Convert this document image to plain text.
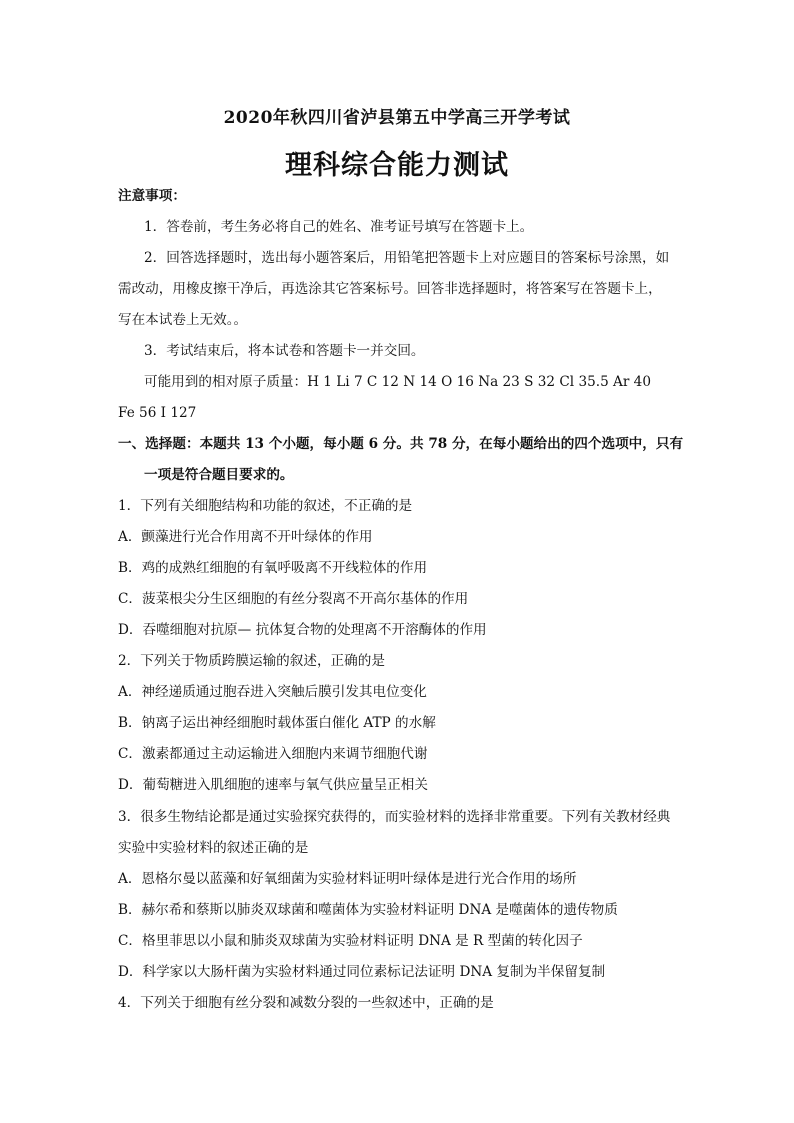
2020年秋四川省泸县第五中学高三开学考试
理科综合能力测试
注意事项：
1．答卷前，考生务必将自己的姓名、准考证号填写在答题卡上。
2．回答选择题时，选出每小题答案后，用铅笔把答题卡上对应题目的答案标号涂黑，如
需改动，用橡皮擦干净后，再选涂其它答案标号。回答非选择题时，将答案写在答题卡上，
写在本试卷上无效。。
3．考试结束后，将本试卷和答题卡一并交回。
可能用到的相对原子质量：H 1 Li 7 C 12 N 14 O 16 Na 23 S 32 Cl 35.5 Ar 40
Fe 56 I 127
一、选择题：本题共 13 个小题，每小题 6 分。共 78 分，在每小题给出的四个选项中，只有
一项是符合题目要求的。
1．下列有关细胞结构和功能的叙述，不正确的是
A．颤藻进行光合作用离不开叶绿体的作用
B．鸡的成熟红细胞的有氧呼吸离不开线粒体的作用
C．菠菜根尖分生区细胞的有丝分裂离不开高尔基体的作用
D．吞噬细胞对抗原— 抗体复合物的处理离不开溶酶体的作用
2．下列关于物质跨膜运输的叙述，正确的是
A．神经递质通过胞吞进入突触后膜引发其电位变化
B．钠离子运出神经细胞时载体蛋白催化 ATP 的水解
C．激素都通过主动运输进入细胞内来调节细胞代谢
D．葡萄糖进入肌细胞的速率与氧气供应量呈正相关
3．很多生物结论都是通过实验探究获得的，而实验材料的选择非常重要。下列有关教材经典
实验中实验材料的叙述正确的是
A．恩格尔曼以蓝藻和好氧细菌为实验材料证明叶绿体是进行光合作用的场所
B．赫尔希和蔡斯以肺炎双球菌和噬菌体为实验材料证明 DNA 是噬菌体的遗传物质
C．格里菲思以小鼠和肺炎双球菌为实验材料证明 DNA 是 R 型菌的转化因子
D．科学家以大肠杆菌为实验材料通过同位素标记法证明 DNA 复制为半保留复制
4．下列关于细胞有丝分裂和减数分裂的一些叙述中，正确的是
